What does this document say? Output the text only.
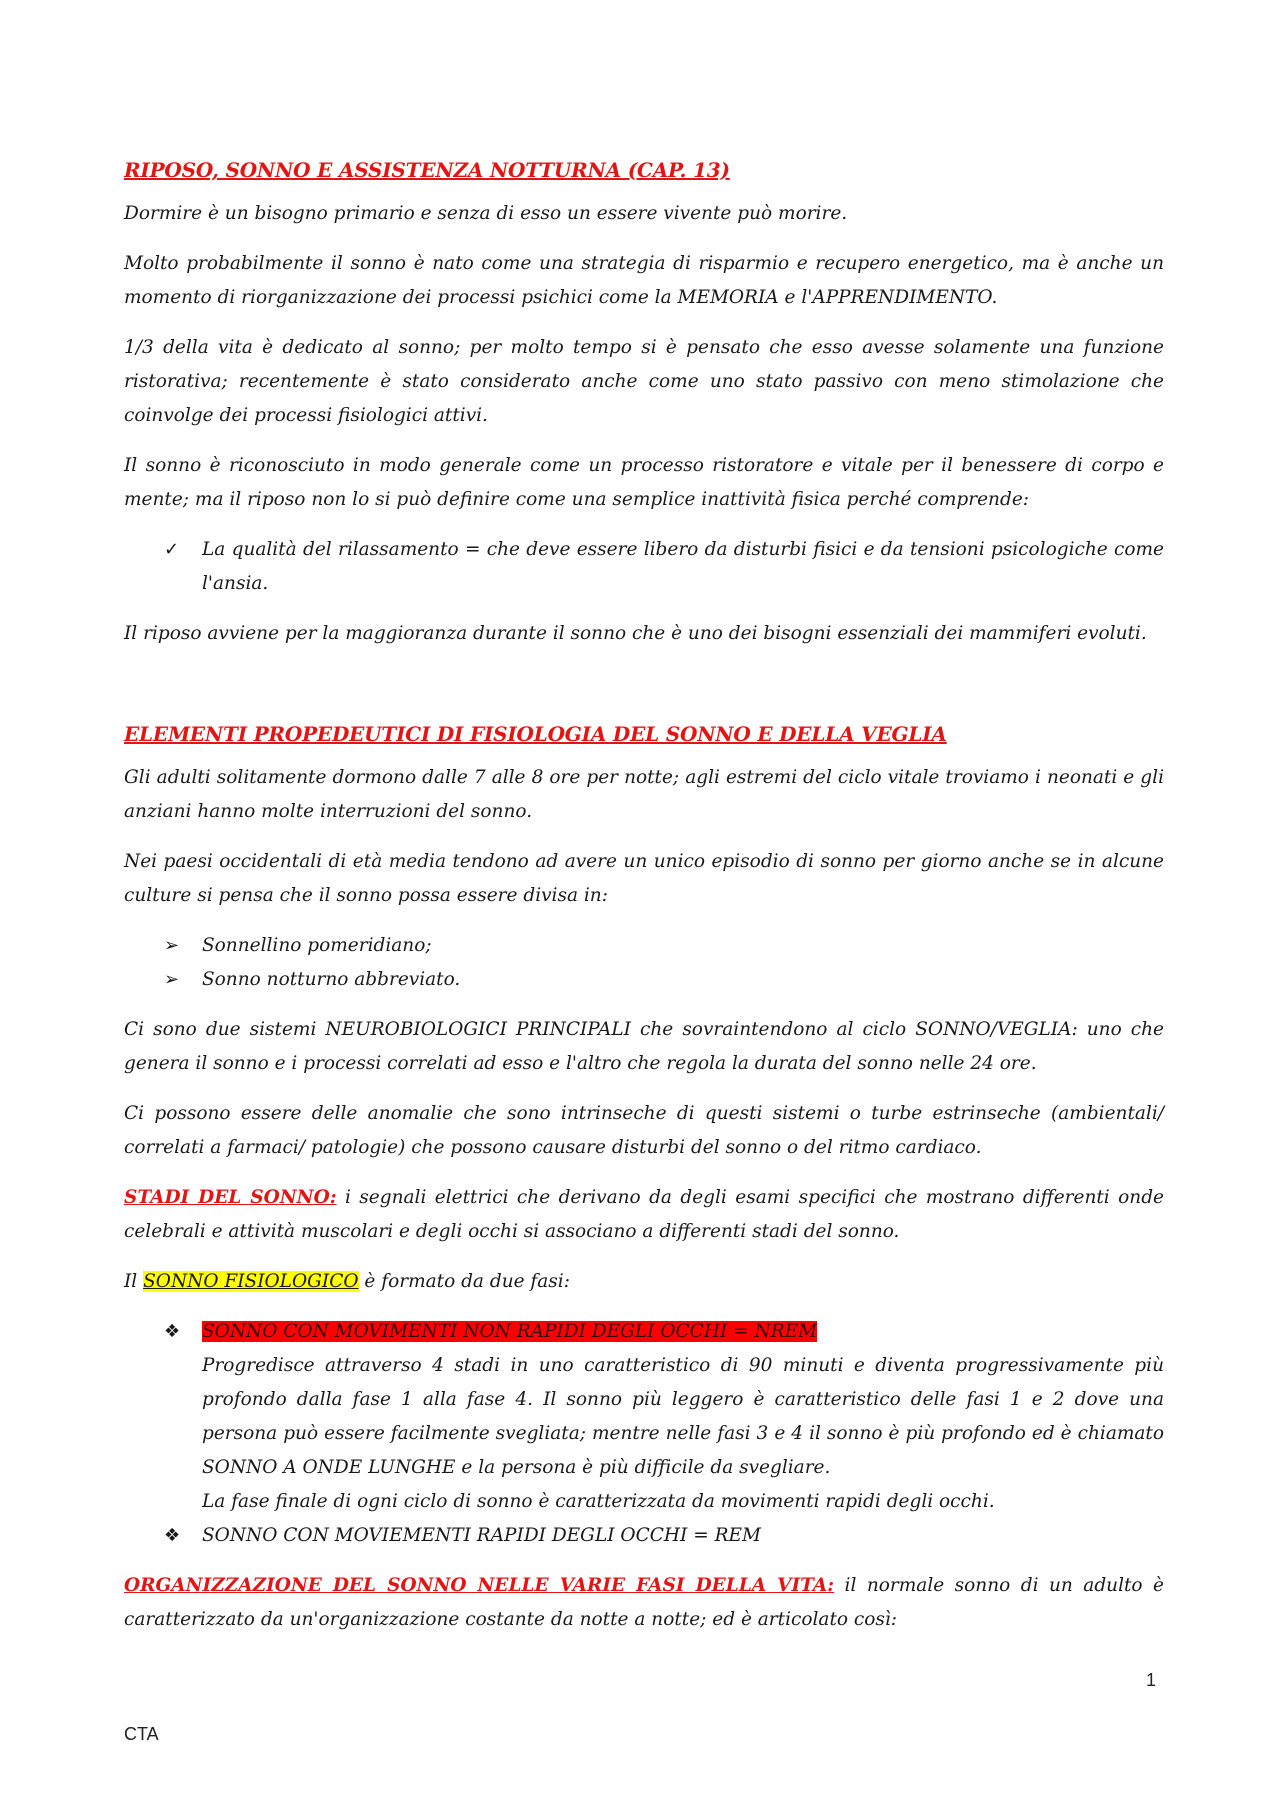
RIPOSO, SONNO E ASSISTENZA NOTTURNA (CAP. 13)

Dormire è un bisogno primario e senza di esso un essere vivente può morire.

Molto probabilmente il sonno è nato come una strategia di risparmio e recupero energetico, ma è anche un momento di riorganizzazione dei processi psichici come la MEMORIA e l'APPRENDIMENTO.

1/3 della vita è dedicato al sonno; per molto tempo si è pensato che esso avesse solamente una funzione ristorativa; recentemente è stato considerato anche come uno stato passivo con meno stimolazione che coinvolge dei processi fisiologici attivi.

Il sonno è riconosciuto in modo generale come un processo ristoratore e vitale per il benessere di corpo e mente; ma il riposo non lo si può definire come una semplice inattività fisica perché comprende:

✓ La qualità del rilassamento = che deve essere libero da disturbi fisici e da tensioni psicologiche come l'ansia.

Il riposo avviene per la maggioranza durante il sonno che è uno dei bisogni essenziali dei mammiferi evoluti.

ELEMENTI PROPEDEUTICI DI FISIOLOGIA DEL SONNO E DELLA VEGLIA

Gli adulti solitamente dormono dalle 7 alle 8 ore per notte; agli estremi del ciclo vitale troviamo i neonati e gli anziani hanno molte interruzioni del sonno.

Nei paesi occidentali di età media tendono ad avere un unico episodio di sonno per giorno anche se in alcune culture si pensa che il sonno possa essere divisa in:

➢ Sonnellino pomeridiano;
➢ Sonno notturno abbreviato.

Ci sono due sistemi NEUROBIOLOGICI PRINCIPALI che sovraintendono al ciclo SONNO/VEGLIA: uno che genera il sonno e i processi correlati ad esso e l'altro che regola la durata del sonno nelle 24 ore.

Ci possono essere delle anomalie che sono intrinseche di questi sistemi o turbe estrinseche (ambientali/ correlati a farmaci/ patologie) che possono causare disturbi del sonno o del ritmo cardiaco.

STADI DEL SONNO: i segnali elettrici che derivano da degli esami specifici che mostrano differenti onde celebrali e attività muscolari e degli occhi si associano a differenti stadi del sonno.

Il SONNO FISIOLOGICO è formato da due fasi:

❖ SONNO CON MOVIMENTI NON RAPIDI DEGLI OCCHI = NREM
Progredisce attraverso 4 stadi in uno caratteristico di 90 minuti e diventa progressivamente più profondo dalla fase 1 alla fase 4. Il sonno più leggero è caratteristico delle fasi 1 e 2 dove una persona può essere facilmente svegliata; mentre nelle fasi 3 e 4 il sonno è più profondo ed è chiamato SONNO A ONDE LUNGHE e la persona è più difficile da svegliare.
La fase finale di ogni ciclo di sonno è caratterizzata da movimenti rapidi degli occhi.
❖ SONNO CON MOVIEMENTI RAPIDI DEGLI OCCHI = REM

ORGANIZZAZIONE DEL SONNO NELLE VARIE FASI DELLA VITA: il normale sonno di un adulto è caratterizzato da un'organizzazione costante da notte a notte; ed è articolato così:

1
CTA
